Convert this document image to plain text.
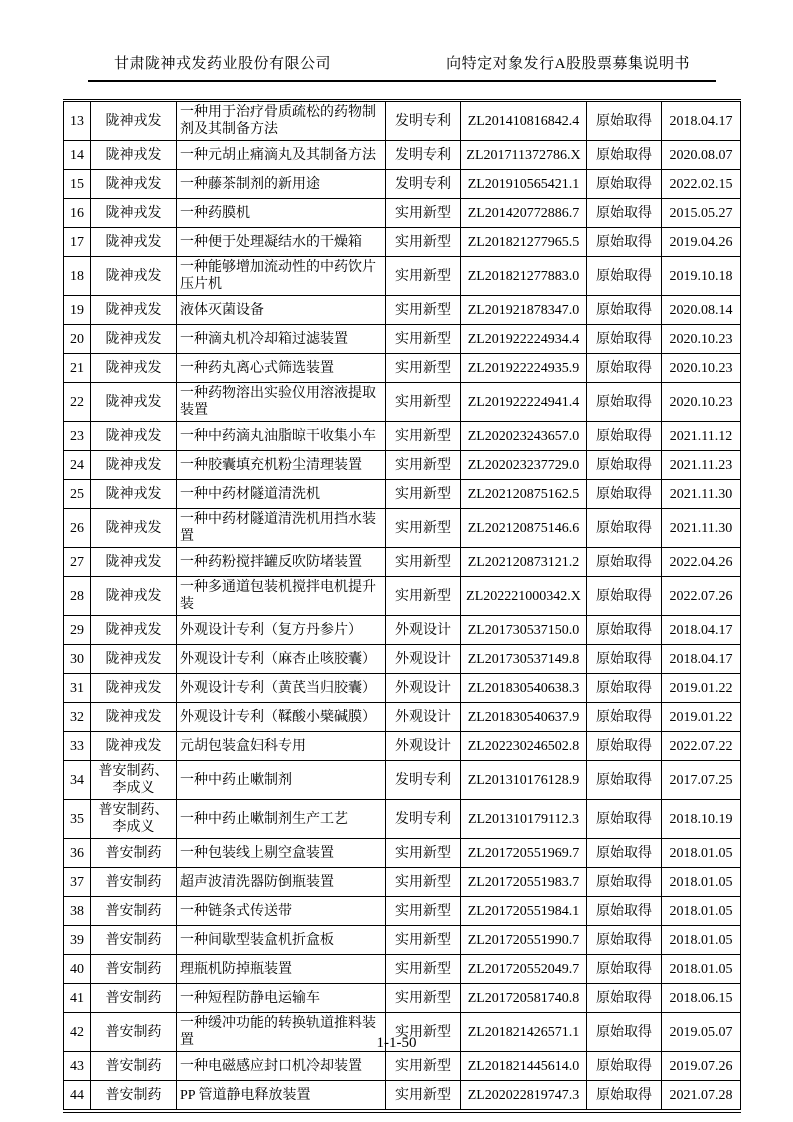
甘肃陇神戎发药业股份有限公司	向特定对象发行A股股票募集说明书
13	陇神戎发	一种用于治疗骨质疏松的药物制剂及其制备方法	发明专利	ZL201410816842.4	原始取得	2018.04.17
14	陇神戎发	一种元胡止痛滴丸及其制备方法	发明专利	ZL201711372786.X	原始取得	2020.08.07
15	陇神戎发	一种藤茶制剂的新用途	发明专利	ZL201910565421.1	原始取得	2022.02.15
16	陇神戎发	一种药膜机	实用新型	ZL201420772886.7	原始取得	2015.05.27
17	陇神戎发	一种便于处理凝结水的干燥箱	实用新型	ZL201821277965.5	原始取得	2019.04.26
18	陇神戎发	一种能够增加流动性的中药饮片压片机	实用新型	ZL201821277883.0	原始取得	2019.10.18
19	陇神戎发	液体灭菌设备	实用新型	ZL201921878347.0	原始取得	2020.08.14
20	陇神戎发	一种滴丸机冷却箱过滤装置	实用新型	ZL201922224934.4	原始取得	2020.10.23
21	陇神戎发	一种药丸离心式筛选装置	实用新型	ZL201922224935.9	原始取得	2020.10.23
22	陇神戎发	一种药物溶出实验仪用溶液提取装置	实用新型	ZL201922224941.4	原始取得	2020.10.23
23	陇神戎发	一种中药滴丸油脂晾干收集小车	实用新型	ZL202023243657.0	原始取得	2021.11.12
24	陇神戎发	一种胶囊填充机粉尘清理装置	实用新型	ZL202023237729.0	原始取得	2021.11.23
25	陇神戎发	一种中药材隧道清洗机	实用新型	ZL202120875162.5	原始取得	2021.11.30
26	陇神戎发	一种中药材隧道清洗机用挡水装置	实用新型	ZL202120875146.6	原始取得	2021.11.30
27	陇神戎发	一种药粉搅拌罐反吹防堵装置	实用新型	ZL202120873121.2	原始取得	2022.04.26
28	陇神戎发	一种多通道包装机搅拌电机提升装	实用新型	ZL202221000342.X	原始取得	2022.07.26
29	陇神戎发	外观设计专利（复方丹参片）	外观设计	ZL201730537150.0	原始取得	2018.04.17
30	陇神戎发	外观设计专利（麻杏止咳胶囊）	外观设计	ZL201730537149.8	原始取得	2018.04.17
31	陇神戎发	外观设计专利（黄芪当归胶囊）	外观设计	ZL201830540638.3	原始取得	2019.01.22
32	陇神戎发	外观设计专利（鞣酸小檗碱膜）	外观设计	ZL201830540637.9	原始取得	2019.01.22
33	陇神戎发	元胡包装盒妇科专用	外观设计	ZL202230246502.8	原始取得	2022.07.22
34	普安制药、李成义	一种中药止嗽制剂	发明专利	ZL201310176128.9	原始取得	2017.07.25
35	普安制药、李成义	一种中药止嗽制剂生产工艺	发明专利	ZL201310179112.3	原始取得	2018.10.19
36	普安制药	一种包装线上剔空盒装置	实用新型	ZL201720551969.7	原始取得	2018.01.05
37	普安制药	超声波清洗器防倒瓶装置	实用新型	ZL201720551983.7	原始取得	2018.01.05
38	普安制药	一种链条式传送带	实用新型	ZL201720551984.1	原始取得	2018.01.05
39	普安制药	一种间歇型装盒机折盒板	实用新型	ZL201720551990.7	原始取得	2018.01.05
40	普安制药	理瓶机防掉瓶装置	实用新型	ZL201720552049.7	原始取得	2018.01.05
41	普安制药	一种短程防静电运输车	实用新型	ZL201720581740.8	原始取得	2018.06.15
42	普安制药	一种缓冲功能的转换轨道推料装置	实用新型	ZL201821426571.1	原始取得	2019.05.07
43	普安制药	一种电磁感应封口机冷却装置	实用新型	ZL201821445614.0	原始取得	2019.07.26
44	普安制药	PP 管道静电释放装置	实用新型	ZL202022819747.3	原始取得	2021.07.28
1-1-50
